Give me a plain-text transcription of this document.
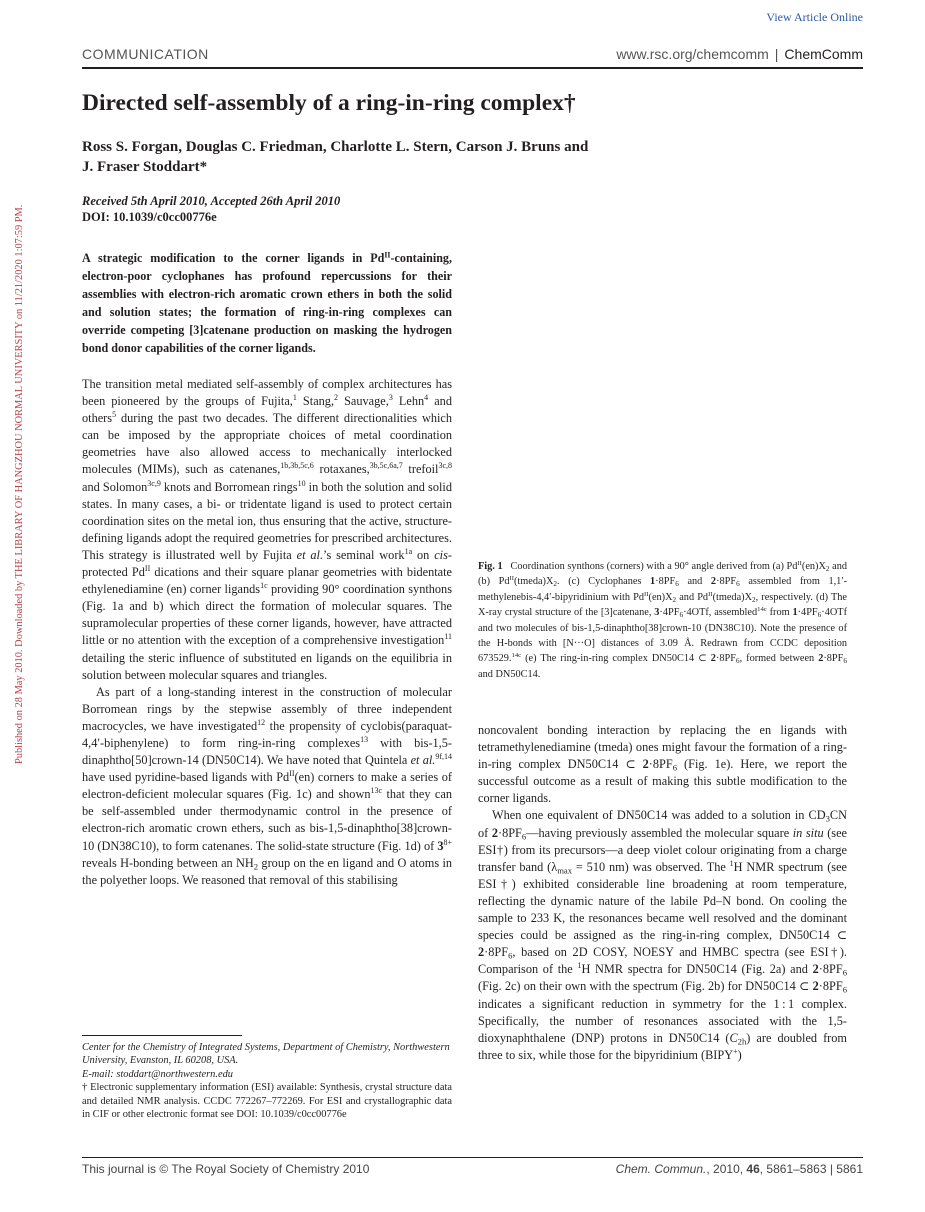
View Article Online
COMMUNICATION	www.rsc.org/chemcomm | ChemComm
Published on 28 May 2010. Downloaded by THE LIBRARY OF HANGZHOU NORMAL UNIVERSITY on 11/21/2020 1:07:59 PM.
Directed self-assembly of a ring-in-ring complex†
Ross S. Forgan, Douglas C. Friedman, Charlotte L. Stern, Carson J. Bruns and
J. Fraser Stoddart*
Received 5th April 2010, Accepted 26th April 2010
DOI: 10.1039/c0cc00776e
A strategic modification to the corner ligands in $Pd^{II}$-containing, electron-poor cyclophanes has profound repercussions for their assemblies with electron-rich aromatic crown ethers in both the solid and solution states; the formation of ring-in-ring complexes can override competing [3]catenane production on masking the hydrogen bond donor capabilities of the corner ligands.

The transition metal mediated self-assembly of complex architectures has been pioneered by the groups of Fujita,$^1$ Stang,$^2$ Sauvage,$^3$ Lehn$^4$ and others$^5$ during the past two decades. The different directionalities which can be imposed by the appropriate choices of metal coordination geometries have also allowed access to mechanically interlocked molecules (MIMs), such as catenanes,$^{1b,3b,5c,6}$ rotaxanes,$^{3b,5c,6a,7}$ trefoil$^{3c,8}$ and Solomon$^{3c,9}$ knots and Borromean rings$^{10}$ in both the solution and solid states. In many cases, a bi- or tridentate ligand is used to protect certain coordination sites on the metal ion, thus ensuring that the active, structure-defining ligands adopt the required geometries for prescribed architectures. This strategy is illustrated well by Fujita et al.’s seminal work$^{1a}$ on cis-protected $Pd^{II}$ dications and their square planar geometries with bidentate ethylenediamine (en) corner ligands$^{1c}$ providing 90° coordination synthons (Fig. 1a and b) which direct the formation of molecular squares. The supramolecular properties of these corner ligands, however, have attracted little or no attention with the exception of a comprehensive investigation$^{11}$ detailing the steric influence of substituted en ligands on the equilibria in solution between molecular squares and triangles.

As part of a long-standing interest in the construction of molecular Borromean rings by the stepwise assembly of three independent macrocycles, we have investigated$^{12}$ the propensity of cyclobis(paraquat-4,4′-biphenylene) to form ring-in-ring complexes$^{13}$ with bis-1,5-dinaphtho[50]crown-14 (DN50C14). We have noted that Quintela et al.$^{9f,14}$ have used pyridine-based ligands with $Pd^{II}(en)$ corners to make a series of electron-deficient molecular squares (Fig. 1c) and shown$^{13c}$ that they can be self-assembled under thermodynamic control in the presence of electron-rich aromatic crown ethers, such as bis-1,5-dinaphtho[38]crown-10 (DN38C10), to form catenanes. The solid-state structure (Fig. 1d) of $3^{8+}$ reveals H-bonding between an $NH_2$ group on the en ligand and O atoms in the polyether loops. We reasoned that removal of this stabilising

Fig. 1 Coordination synthons (corners) with a 90° angle derived from (a) $Pd^{II}(en)X_2$ and (b) $Pd^{II}(tmeda)X_2$. (c) Cyclophanes $1\cdot 8PF_6$ and $2\cdot 8PF_6$ assembled from 1,1′-methylenebis-4,4′-bipyridinium with $Pd^{II}(en)X_2$ and $Pd^{II}(tmeda)X_2$, respectively. (d) The X-ray crystal structure of the [3]catenane, $3\cdot 4PF_6\cdot 4OTf$, assembled$^{14c}$ from $1\cdot 4PF_6\cdot 4OTf$ and two molecules of bis-1,5-dinaphtho[38]crown-10 (DN38C10). Note the presence of the H-bonds with [N···O] distances of 3.09 Å. Redrawn from CCDC deposition 673529.$^{14c}$ (e) The ring-in-ring complex DN50C14 ⊂ $2\cdot 8PF_6$, formed between $2\cdot 8PF_6$ and DN50C14.

noncovalent bonding interaction by replacing the en ligands with tetramethylenediamine (tmeda) ones might favour the formation of a ring-in-ring complex DN50C14 ⊂ $2\cdot 8PF_6$ (Fig. 1e). Here, we report the successful outcome as a result of making this subtle modification to the corner ligands.

When one equivalent of DN50C14 was added to a solution in $CD_3CN$ of $2\cdot 8PF_6—having$ previously assembled the molecular square in situ (see ESI†) from its precursors—a deep violet colour originating from a charge transfer band ($\lambda_{max} = 510$ nm) was observed. The $^1$H NMR spectrum (see ESI†) exhibited considerable line broadening at room temperature, reflecting the dynamic nature of the labile Pd–N bond. On cooling the sample to 233 K, the resonances became well resolved and the dominant species could be assigned as the ring-in-ring complex, DN50C14 ⊂ $2\cdot 8PF_6$, based on 2D COSY, NOESY and HMBC spectra (see ESI†). Comparison of the $^1$H NMR spectra for DN50C14 (Fig. 2a) and $2\cdot 8PF_6$ (Fig. 2c) on their own with the spectrum (Fig. 2b) for DN50C14 ⊂ $2\cdot 8PF_6$ indicates a significant reduction in symmetry for the 1 : 1 complex. Specifically, the number of resonances associated with the 1,5-dioxynaphthalene (DNP) protons in DN50C14 $(C_{2h})$ are doubled from three to six, while those for the bipyridinium (BIPY+)

Center for the Chemistry of Integrated Systems, Department of Chemistry, Northwestern University, Evanston, IL 60208, USA.
E-mail: stoddart@northwestern.edu
† Electronic supplementary information (ESI) available: Synthesis, crystal structure data and detailed NMR analysis. CCDC 772267–772269. For ESI and crystallographic data in CIF or other electronic format see DOI: 10.1039/c0cc00776e
This journal is © The Royal Society of Chemistry 2010	Chem. Commun., 2010, 46, 5861–5863 | 5861
